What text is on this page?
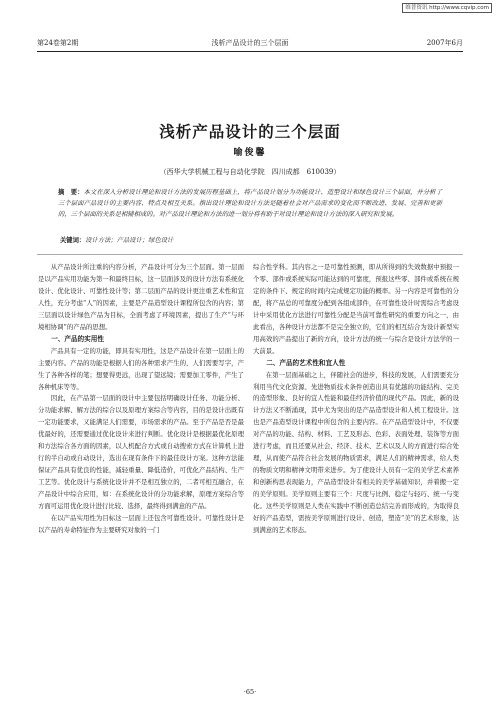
维普资讯 http://www.cqvip.com
第24卷第2期	浅析产品设计的三个层面	2007年6月
浅析产品设计的三个层面
喻俊馨
（西华大学机械工程与自动化学院　四川成都　610039）
摘　要：本文在深入分析设计理论和设计方法的发展历程基础上，将产品设计划分为功能设计、造型设计和绿色设计三个层面，并分析了三个层面产品设计的主要内容、特点及相互关系。指出设计理论和设计方法是随着社会对产品需求的变化而不断改进、发展、完善和更新的，三个层面的关系是相辅相成的。对产品设计理论和方法的进一划分将有助于对设计理论和设计方法的深入研究和发展。
关键词：设计方法；产品设计；绿色设计

从产品设计所注重的内容分析，产品设计可分为三个层面。第一层面是以产品实用功能为第一和最终目标，这一层面涉及的设计方法有系统化设计、优化设计、可靠性设计等；第二层面产品的设计更注重艺术性和宜人性，充分考虑“人”的因素，主要是产品造型设计课程所包含的内容；第三层面以设计绿色产品为目标，全面考虑了环境因素，提出了生产“与环境相协调”的产品的思想。

一、产品的实用性

产品具有一定的功能，即具有实用性，这是产品设计在第一层面上的主要内容。产品的功能是根据人们的各种需求产生的，人们需要写字，产生了各种各样的笔；想要得更远，出现了望远镜；需要加工零件，产生了各种机床等等。

因此，在产品第一层面的设计中主要包括明确设计任务、功能分析、分功能求解、解方法的综合以及原理方案综合等内容，目的是设计出既有一定功能要求，又能满足人们需要，市场需求的产品。至于产品是否是最优最好的，还需要通过优化设计来进行判断。优化设计是根据最优化原理和方法综合各方面的因素，以人机配合方式或自动搜索方式在计算机上进行的半自动或自动设计，选出在现有条件下的最佳设计方案。这种方法能保证产品具有优良的性能，减轻重量、降低造价，可优化产品结构、生产工艺等。优化设计与系统化设计并不是相互独立的，二者可相互融合，在产品设计中综合应用，如：在系统化设计的分功能求解，原理方案综合等方面可运用优化设计进行比较、选择，最终得到满意的产品。

在以产品实用性为目标这一层面上还包含可靠性设计。可靠性设计是以产品的寿命特征作为主要研究对象的一门

综合性学科。其内容之一是可靠性预测，即从所得到的失效数据中预报一个零、部件或系统实际可能达到的可靠度，预报这些零、部件或系统在规定的条件下、规定的时间内完成规定功能的概率。另一内容是可靠性的分配，将产品总的可靠度分配到各组成部件，在可靠性设计时需综合考虑设计中采用优化方法进行可靠性分配是当前可靠性研究的重要方向之一，由此看出，各种设计方法都不是完全独立的，它们的相互结合为设计新型实用高效的产品提出了新的方向，设计方法的统一与综合是设计方法学的一大前景。

二、产品的艺术性和宜人性

在第一层面基础之上，伴随社会的进步，科技的发展，人们需要充分利用当代文化资源、先进物质技术条件创造出具有优越的功能结构、完美的造型形象、良好的宜人性能和最佳经济价值的现代产品。因此，新的设计方法又不断涌现，其中尤为突出的是产品造型设计和人机工程设计。这也是产品造型设计课程中所包含的主要内容。在产品造型设计中，不仅要对产品的功能、结构、材料、工艺及形态、色彩、表面处理、装饰等方面进行考虑，而且还要从社会、经济、技术、艺术以及人的方面进行综合处理，从而使产品符合社会发展的物质需求，满足人们的精神需求，给人类的物质文明和精神文明带来进步。为了使设计人员有一定的美学艺术素养和创新构思表现能力，产品造型设计有相关的美学基础知识，并着搬一定的美学原则。美学原则主要有三个：尺度与比例、稳定与轻巧、统一与变化。这些美学原则是人类在实践中不断创造总结完善而形成的，为取得良好的产品造型，需按美学原则进行设计、创造，塑造“美”的艺术形象，达到满意的艺术形态。

·65·
